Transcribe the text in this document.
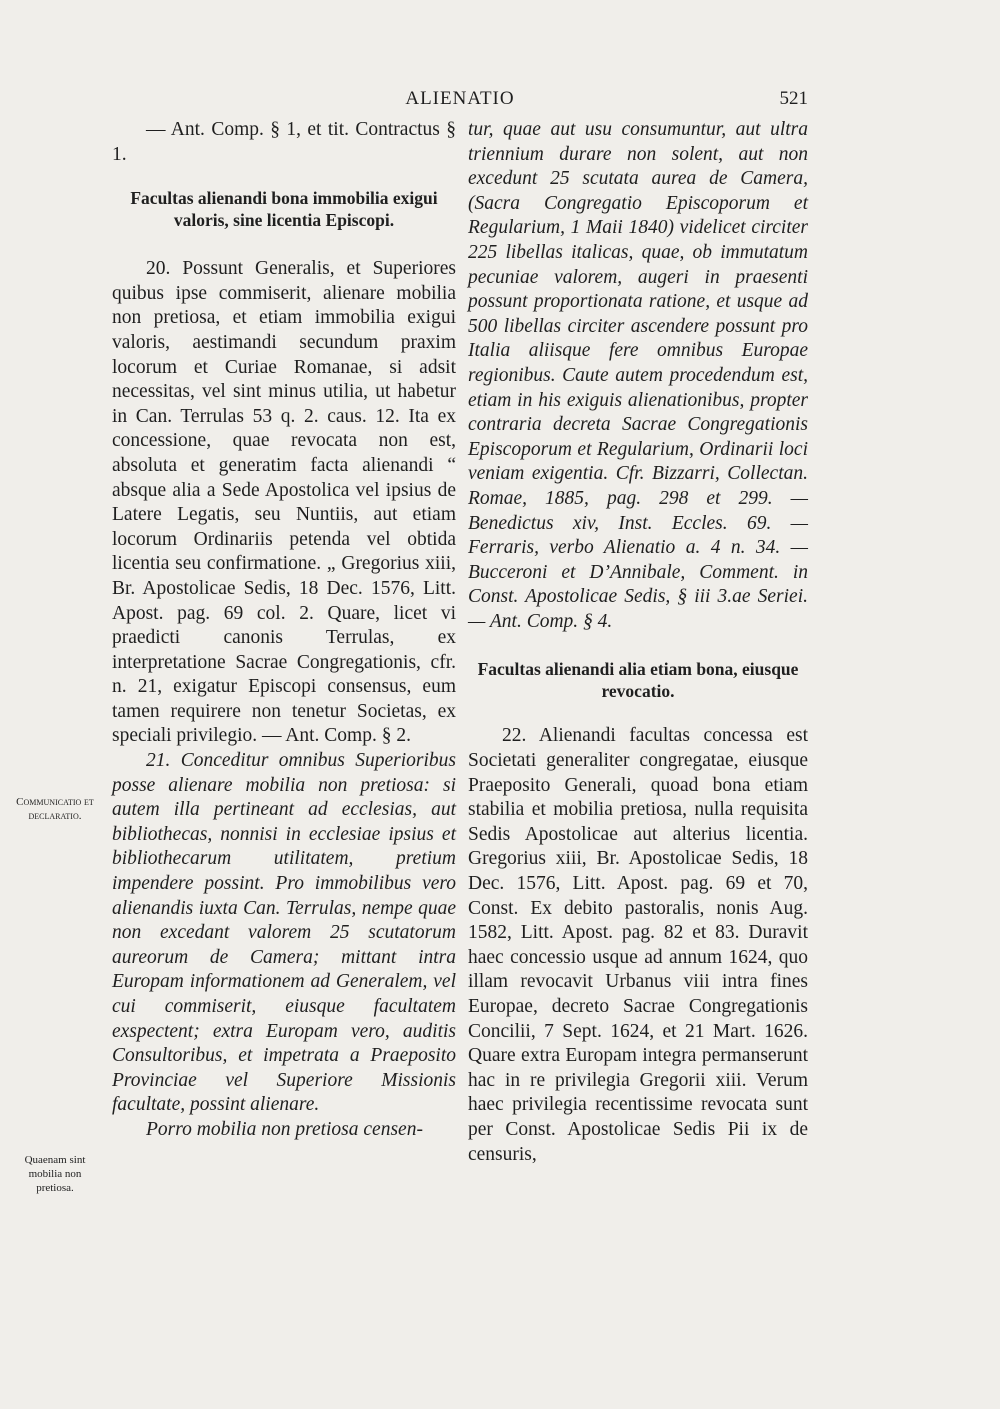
ALIENATIO	521
Communicatio et declaratio.
Quaenam sint mobilia non pretiosa.

— Ant. Comp. § 1, et tit. Contractus § 1.

Facultas alienandi bona immobilia exigui valoris, sine licentia Episcopi.

20. Possunt Generalis, et Superiores quibus ipse commiserit, alienare mobilia non pretiosa, et etiam immobilia exigui valoris, aestimandi secundum praxim locorum et Curiae Romanae, si adsit necessitas, vel sint minus utilia, ut habetur in Can. Terrulas 53 q. 2. caus. 12. Ita ex concessione, quae revocata non est, absoluta et generatim facta alienandi “ absque alia a Sede Apostolica vel ipsius de Latere Legatis, seu Nuntiis, aut etiam locorum Ordinariis petenda vel obtida licentia seu confirmatione. „ Gregorius xiii, Br. Apostolicae Sedis, 18 Dec. 1576, Litt. Apost. pag. 69 col. 2. Quare, licet vi praedicti canonis Terrulas, ex interpretatione Sacrae Congregationis, cfr. n. 21, exigatur Episcopi consensus, eum tamen requirere non tenetur Societas, ex speciali privilegio. — Ant. Comp. § 2.

21. Conceditur omnibus Superioribus posse alienare mobilia non pretiosa: si autem illa pertineant ad ecclesias, aut bibliothecas, nonnisi in ecclesiae ipsius et bibliothecarum utilitatem, pretium impendere possint. Pro immobilibus vero alienandis iuxta Can. Terrulas, nempe quae non excedant valorem 25 scutatorum aureorum de Camera; mittant intra Europam informationem ad Generalem, vel cui commiserit, eiusque facultatem exspectent; extra Europam vero, auditis Consultoribus, et impetrata a Praeposito Provinciae vel Superiore Missionis facultate, possint alienare.

Porro mobilia non pretiosa censen-

tur, quae aut usu consumuntur, aut ultra triennium durare non solent, aut non excedunt 25 scutata aurea de Camera, (Sacra Congregatio Episcoporum et Regularium, 1 Maii 1840) videlicet circiter 225 libellas italicas, quae, ob immutatum pecuniae valorem, augeri in praesenti possunt proportionata ratione, et usque ad 500 libellas circiter ascendere possunt pro Italia aliisque fere omnibus Europae regionibus. Caute autem procedendum est, etiam in his exiguis alienationibus, propter contraria decreta Sacrae Congregationis Episcoporum et Regularium, Ordinarii loci veniam exigentia. Cfr. Bizzarri, Collectan. Romae, 1885, pag. 298 et 299. — Benedictus xiv, Inst. Eccles. 69. — Ferraris, verbo Alienatio a. 4 n. 34. — Bucceroni et D’Annibale, Comment. in Const. Apostolicae Sedis, § iii 3.ae Seriei. — Ant. Comp. § 4.

Facultas alienandi alia etiam bona, eiusque revocatio.

22. Alienandi facultas concessa est Societati generaliter congregatae, eiusque Praeposito Generali, quoad bona etiam stabilia et mobilia pretiosa, nulla requisita Sedis Apostolicae aut alterius licentia. Gregorius xiii, Br. Apostolicae Sedis, 18 Dec. 1576, Litt. Apost. pag. 69 et 70, Const. Ex debito pastoralis, nonis Aug. 1582, Litt. Apost. pag. 82 et 83. Duravit haec concessio usque ad annum 1624, quo illam revocavit Urbanus viii intra fines Europae, decreto Sacrae Congregationis Concilii, 7 Sept. 1624, et 21 Mart. 1626. Quare extra Europam integra permanserunt hac in re privilegia Gregorii xiii. Verum haec privilegia recentissime revocata sunt per Const. Apostolicae Sedis Pii ix de censuris,
